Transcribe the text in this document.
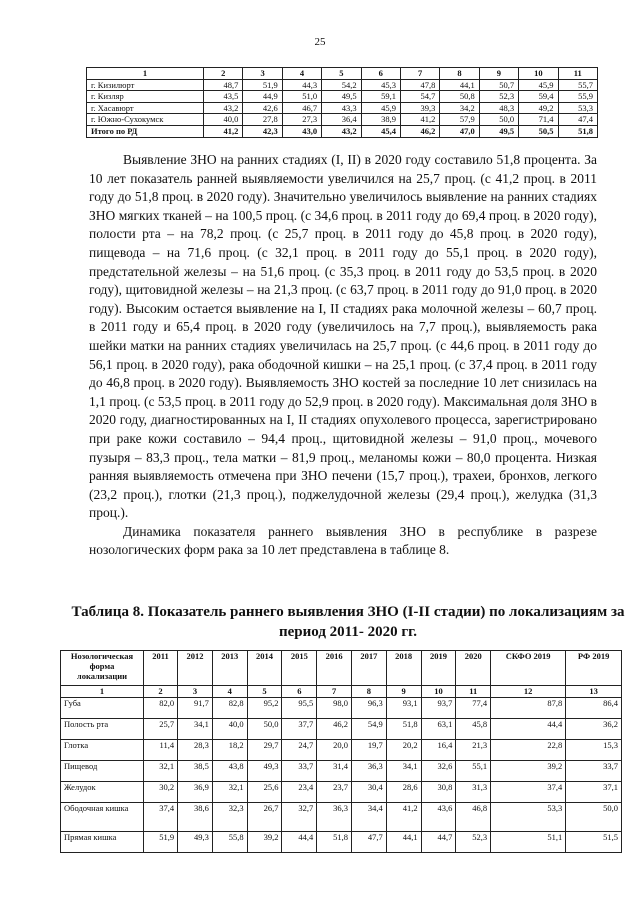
25
1	2	3	4	5	6	7	8	9	10	11
г. Кизилюрт	48,7	51,9	44,3	54,2	45,3	47,8	44,1	50,7	45,9	55,7
г. Кизляр	43,5	44,9	51,0	49,5	59,1	54,7	50,8	52,3	59,4	55,9
г. Хасавюрт	43,2	42,6	46,7	43,3	45,9	39,3	34,2	48,3	49,2	53,3
г. Южно-Сухокумск	40,0	27,8	27,3	36,4	38,9	41,2	57,9	50,0	71,4	47,4
Итого по РД	41,2	42,3	43,0	43,2	45,4	46,2	47,0	49,5	50,5	51,8

Выявление ЗНО на ранних стадиях (I, II) в 2020 году составило 51,8 процента. За 10 лет показатель ранней выявляемости увеличился на 25,7 проц. (с 41,2 проц. в 2011 году до 51,8 проц. в 2020 году). Значительно увеличилось выявление на ранних стадиях ЗНО мягких тканей – на 100,5 проц. (с 34,6 проц. в 2011 году до 69,4 проц. в 2020 году), полости рта – на 78,2 проц. (с 25,7 проц. в 2011 году до 45,8 проц. в 2020 году), пищевода – на 71,6 проц. (с 32,1 проц. в 2011 году до 55,1 проц. в 2020 году), предстательной железы – на 51,6 проц. (с 35,3 проц. в 2011 году до 53,5 проц. в 2020 году), щитовидной железы – на 21,3 проц. (с 63,7 проц. в 2011 году до 91,0 проц. в 2020 году). Высоким остается выявление на I, II стадиях рака молочной железы – 60,7 проц. в 2011 году и 65,4 проц. в 2020 году (увеличилось на 7,7 проц.), выявляемость рака шейки матки на ранних стадиях увеличилась на 25,7 проц. (с 44,6 проц. в 2011 году до 56,1 проц. в 2020 году), рака ободочной кишки – на 25,1 проц. (с 37,4 проц. в 2011 году до 46,8 проц. в 2020 году). Выявляемость ЗНО костей за последние 10 лет снизилась на 1,1 проц. (с 53,5 проц. в 2011 году до 52,9 проц. в 2020 году). Максимальная доля ЗНО в 2020 году, диагностированных на I, II стадиях опухолевого процесса, зарегистрировано при раке кожи составило – 94,4 проц., щитовидной железы – 91,0 проц., мочевого пузыря – 83,3 проц., тела матки – 81,9 проц., меланомы кожи – 80,0 процента. Низкая ранняя выявляемость отмечена при ЗНО печени (15,7 проц.), трахеи, бронхов, легкого (23,2 проц.), глотки (21,3 проц.), поджелудочной железы (29,4 проц.), желудка (31,3 проц.).

Динамика показателя раннего выявления ЗНО в республике в разрезе нозологических форм рака за 10 лет представлена в таблице 8.

Таблица 8. Показатель раннего выявления ЗНО (I-II стадии) по локализациям за период 2011- 2020 гг.
Нозологическая форма локализации	2011	2012	2013	2014	2015	2016	2017	2018	2019	2020	СКФО 2019	РФ 2019
1	2	3	4	5	6	7	8	9	10	11	12	13
Губа	82,0	91,7	82,8	95,2	95,5	98,0	96,3	93,1	93,7	77,4	87,8	86,4
Полость рта	25,7	34,1	40,0	50,0	37,7	46,2	54,9	51,8	63,1	45,8	44,4	36,2
Глотка	11,4	28,3	18,2	29,7	24,7	20,0	19,7	20,2	16,4	21,3	22,8	15,3
Пищевод	32,1	38,5	43,8	49,3	33,7	31,4	36,3	34,1	32,6	55,1	39,2	33,7
Желудок	30,2	36,9	32,1	25,6	23,4	23,7	30,4	28,6	30,8	31,3	37,4	37,1
Ободочная кишка	37,4	38,6	32,3	26,7	32,7	36,3	34,4	41,2	43,6	46,8	53,3	50,0
Прямая кишка	51,9	49,3	55,8	39,2	44,4	51,8	47,7	44,1	44,7	52,3	51,1	51,5
